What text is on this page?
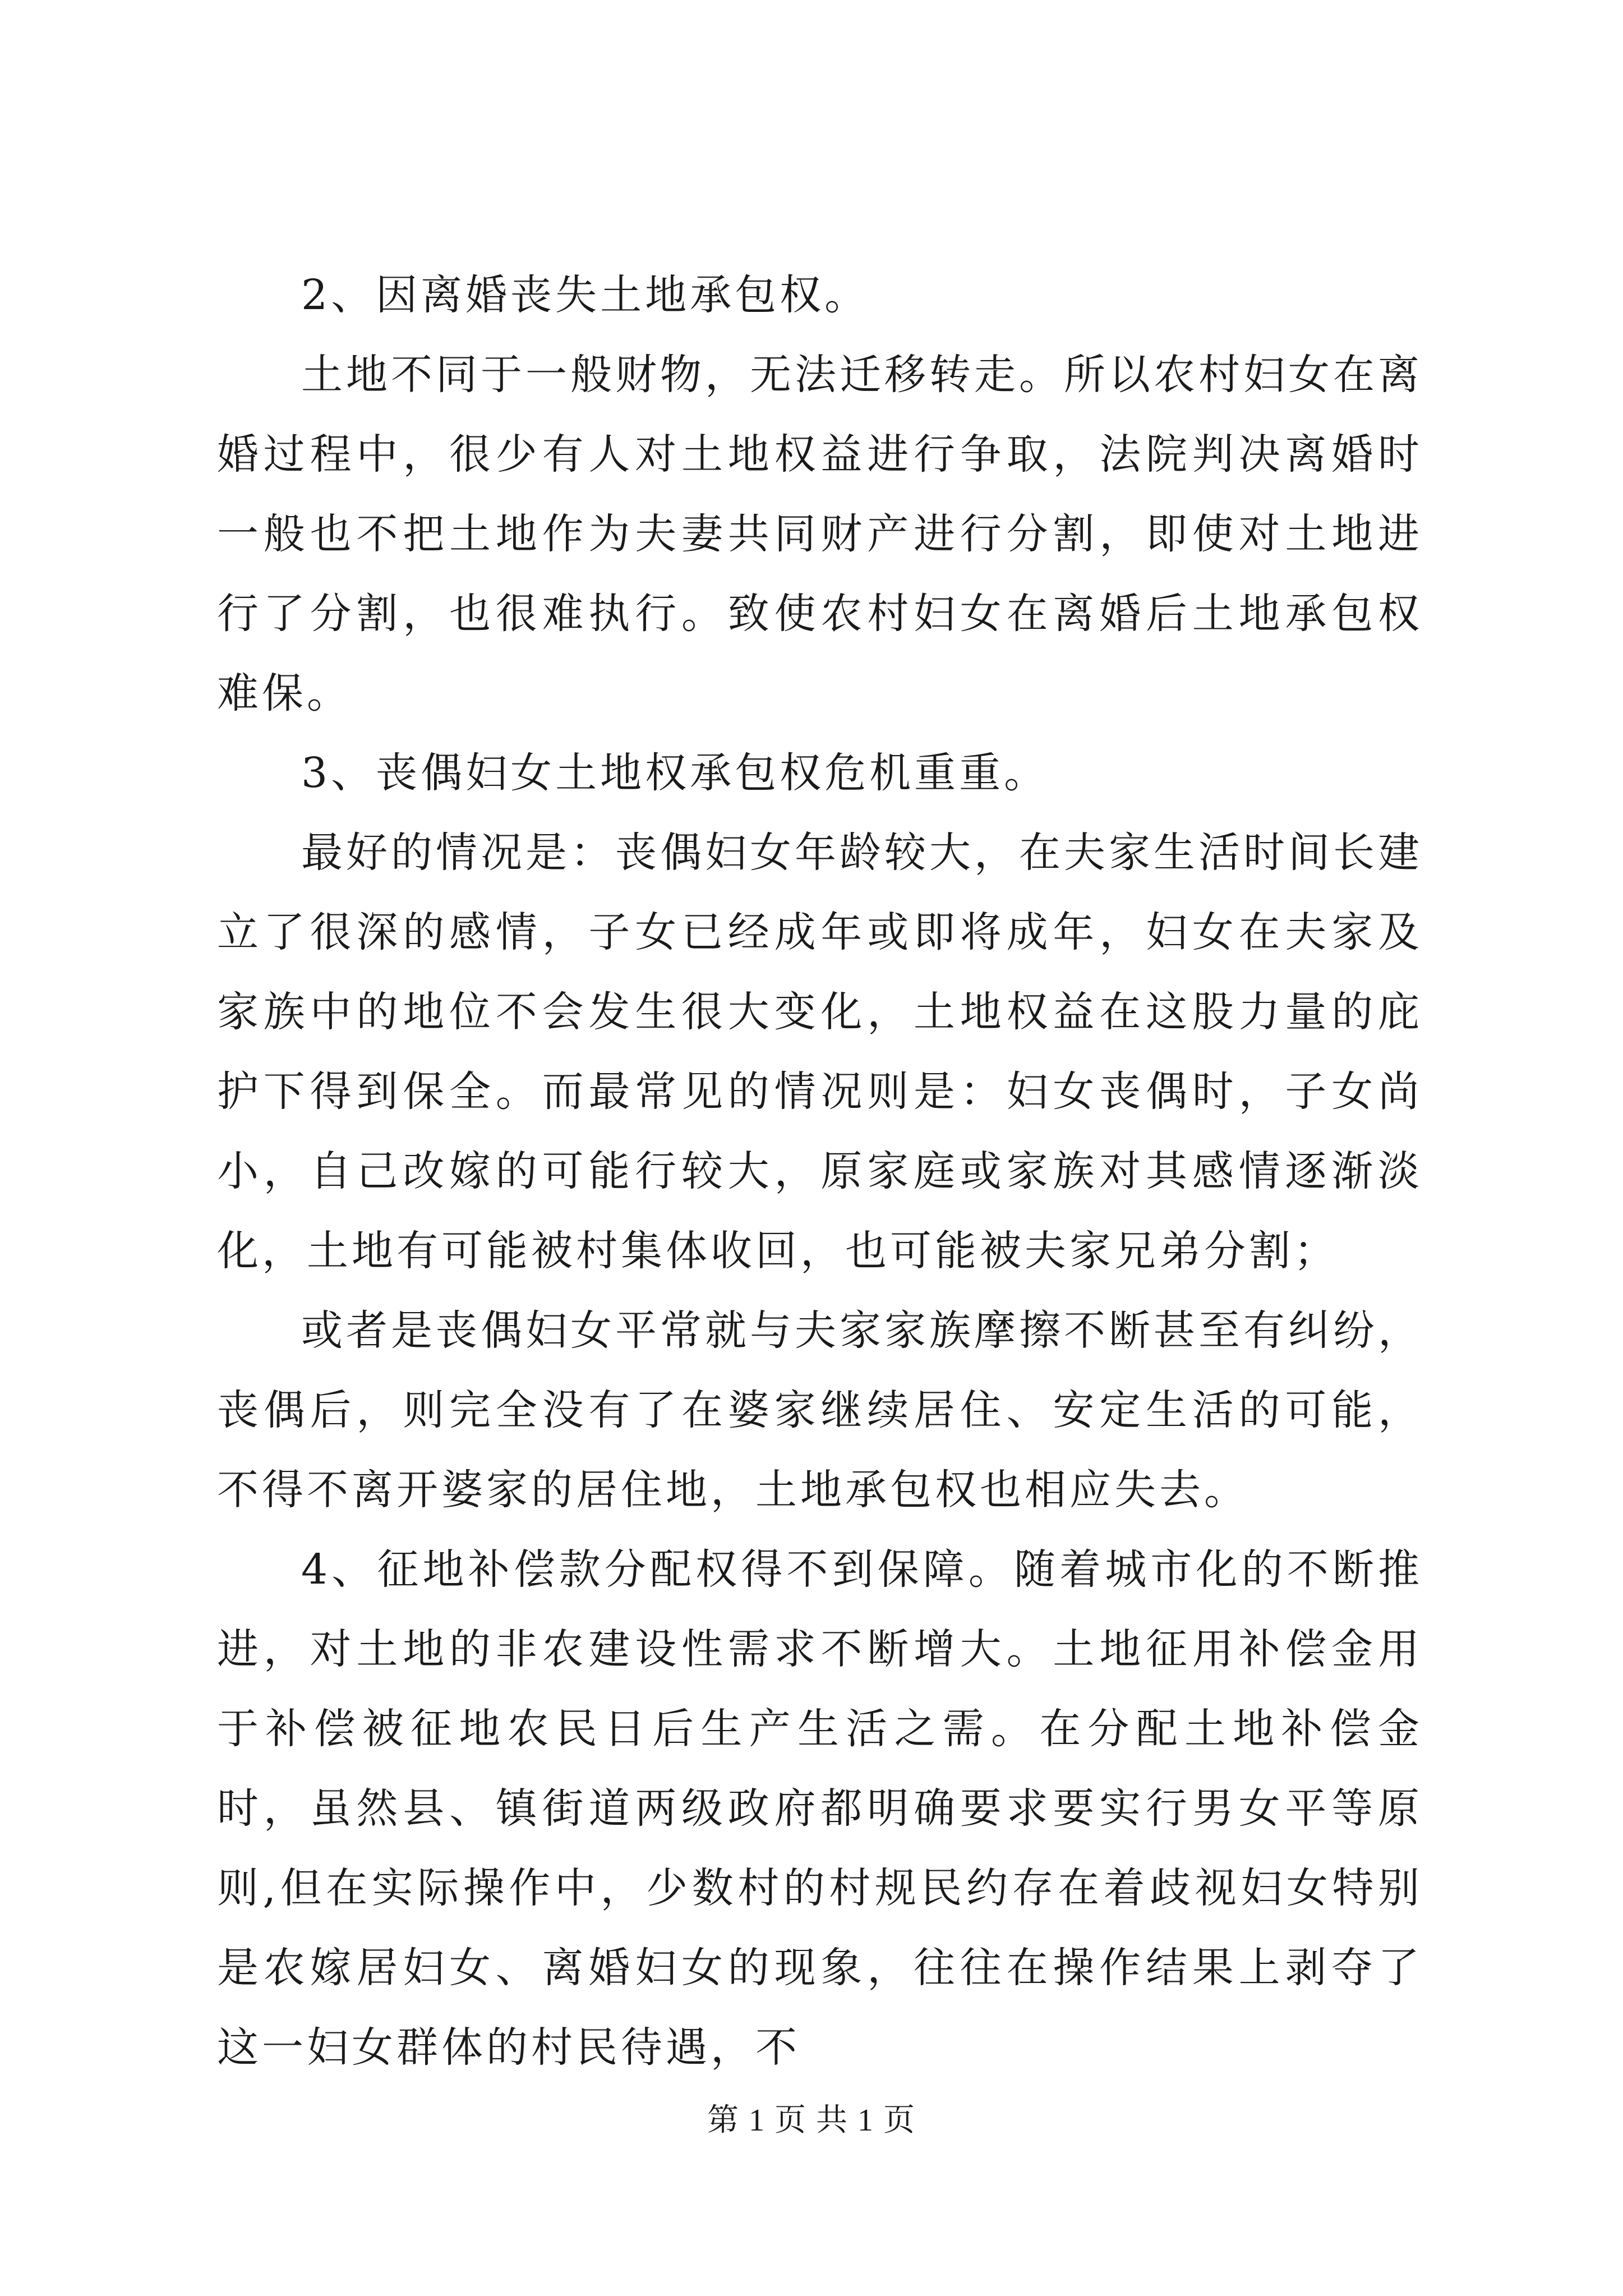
2、因离婚丧失土地承包权。

土地不同于一般财物，无法迁移转走。所以农村妇女在离婚过程中，很少有人对土地权益进行争取，法院判决离婚时一般也不把土地作为夫妻共同财产进行分割，即使对土地进行了分割，也很难执行。致使农村妇女在离婚后土地承包权难保。

3、丧偶妇女土地权承包权危机重重。

最好的情况是：丧偶妇女年龄较大，在夫家生活时间长建立了很深的感情，子女已经成年或即将成年，妇女在夫家及家族中的地位不会发生很大变化，土地权益在这股力量的庇护下得到保全。而最常见的情况则是：妇女丧偶时，子女尚小，自己改嫁的可能行较大，原家庭或家族对其感情逐渐淡化，土地有可能被村集体收回，也可能被夫家兄弟分割；

或者是丧偶妇女平常就与夫家家族摩擦不断甚至有纠纷，丧偶后，则完全没有了在婆家继续居住、安定生活的可能，不得不离开婆家的居住地，土地承包权也相应失去。

4、征地补偿款分配权得不到保障。随着城市化的不断推进，对土地的非农建设性需求不断增大。土地征用补偿金用于补偿被征地农民日后生产生活之需。在分配土地补偿金时，虽然县、镇街道两级政府都明确要求要实行男女平等原则,但在实际操作中，少数村的村规民约存在着歧视妇女特别是农嫁居妇女、离婚妇女的现象，往往在操作结果上剥夺了这一妇女群体的村民待遇，不

第 1 页 共 1 页
